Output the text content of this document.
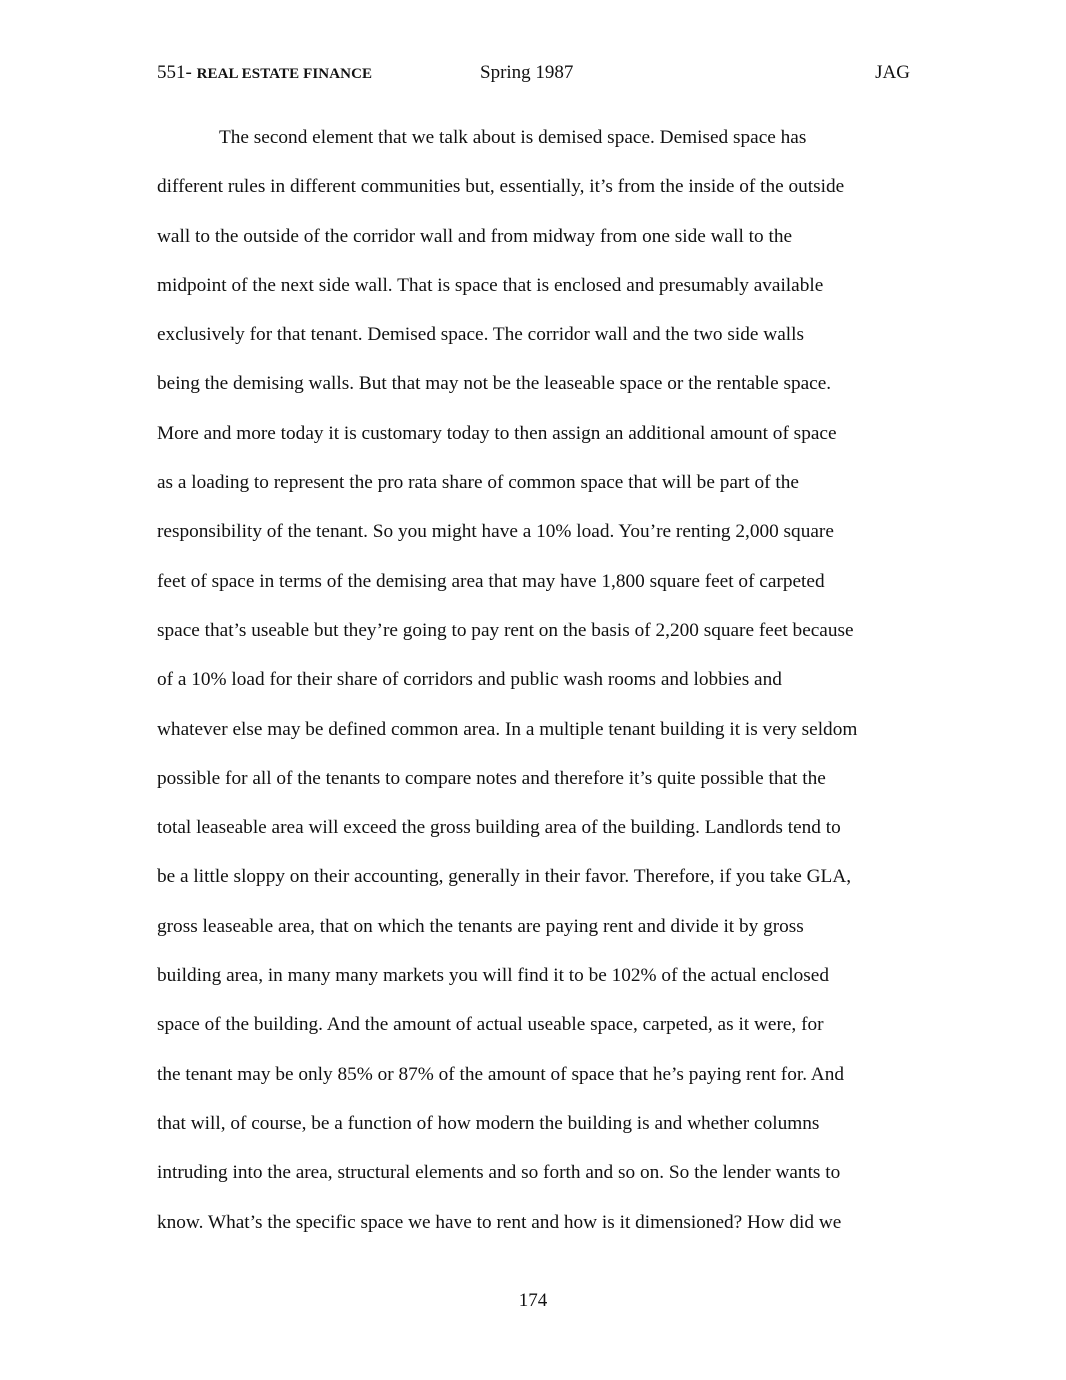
551- REAL ESTATE FINANCE	Spring 1987	JAG
The second element that we talk about is demised space. Demised space has
different rules in different communities but, essentially, it’s from the inside of the outside
wall to the outside of the corridor wall and from midway from one side wall to the
midpoint of the next side wall. That is space that is enclosed and presumably available
exclusively for that tenant. Demised space. The corridor wall and the two side walls
being the demising walls. But that may not be the leaseable space or the rentable space.
More and more today it is customary today to then assign an additional amount of space
as a loading to represent the pro rata share of common space that will be part of the
responsibility of the tenant. So you might have a 10% load. You’re renting 2,000 square
feet of space in terms of the demising area that may have 1,800 square feet of carpeted
space that’s useable but they’re going to pay rent on the basis of 2,200 square feet because
of a 10% load for their share of corridors and public wash rooms and lobbies and
whatever else may be defined common area. In a multiple tenant building it is very seldom
possible for all of the tenants to compare notes and therefore it’s quite possible that the
total leaseable area will exceed the gross building area of the building. Landlords tend to
be a little sloppy on their accounting, generally in their favor. Therefore, if you take GLA,
gross leaseable area, that on which the tenants are paying rent and divide it by gross
building area, in many many markets you will find it to be 102% of the actual enclosed
space of the building. And the amount of actual useable space, carpeted, as it were, for
the tenant may be only 85% or 87% of the amount of space that he’s paying rent for. And
that will, of course, be a function of how modern the building is and whether columns
intruding into the area, structural elements and so forth and so on. So the lender wants to
know. What’s the specific space we have to rent and how is it dimensioned? How did we
174
